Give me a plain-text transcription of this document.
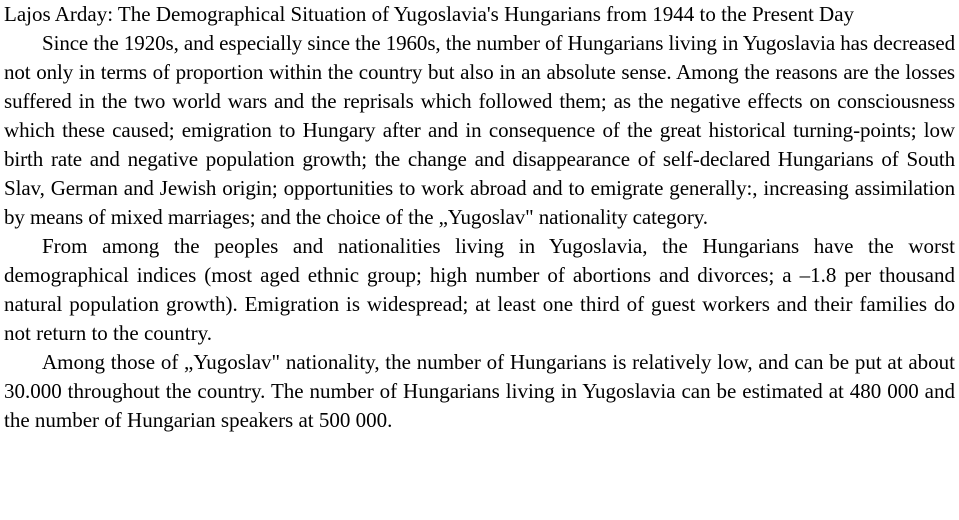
Lajos Arday: The Demographical Situation of Yugoslavia's Hungarians from 1944 to the Present Day

Since the 1920s, and especially since the 1960s, the number of Hungarians living in Yugoslavia has decreased not only in terms of proportion within the country but also in an absolute sense. Among the reasons are the losses suffered in the two world wars and the reprisals which followed them; as the negative effects on consciousness which these caused; emigration to Hungary after and in consequence of the great historical turning-points; low birth rate and negative population growth; the change and disappearance of self-declared Hungarians of South Slav, German and Jewish origin; opportunities to work abroad and to emigrate generally:, increasing assimilation by means of mixed marriages; and the choice of the „Yugoslav" nationality category.

From among the peoples and nationalities living in Yugoslavia, the Hungarians have the worst demographical indices (most aged ethnic group; high number of abortions and divorces; a –1.8 per thousand natural population growth). Emigration is widespread; at least one third of guest workers and their families do not return to the country.

Among those of „Yugoslav" nationality, the number of Hungarians is relatively low, and can be put at about 30.000 throughout the country. The number of Hungarians living in Yugoslavia can be estimated at 480 000 and the number of Hungarian speakers at 500 000.
